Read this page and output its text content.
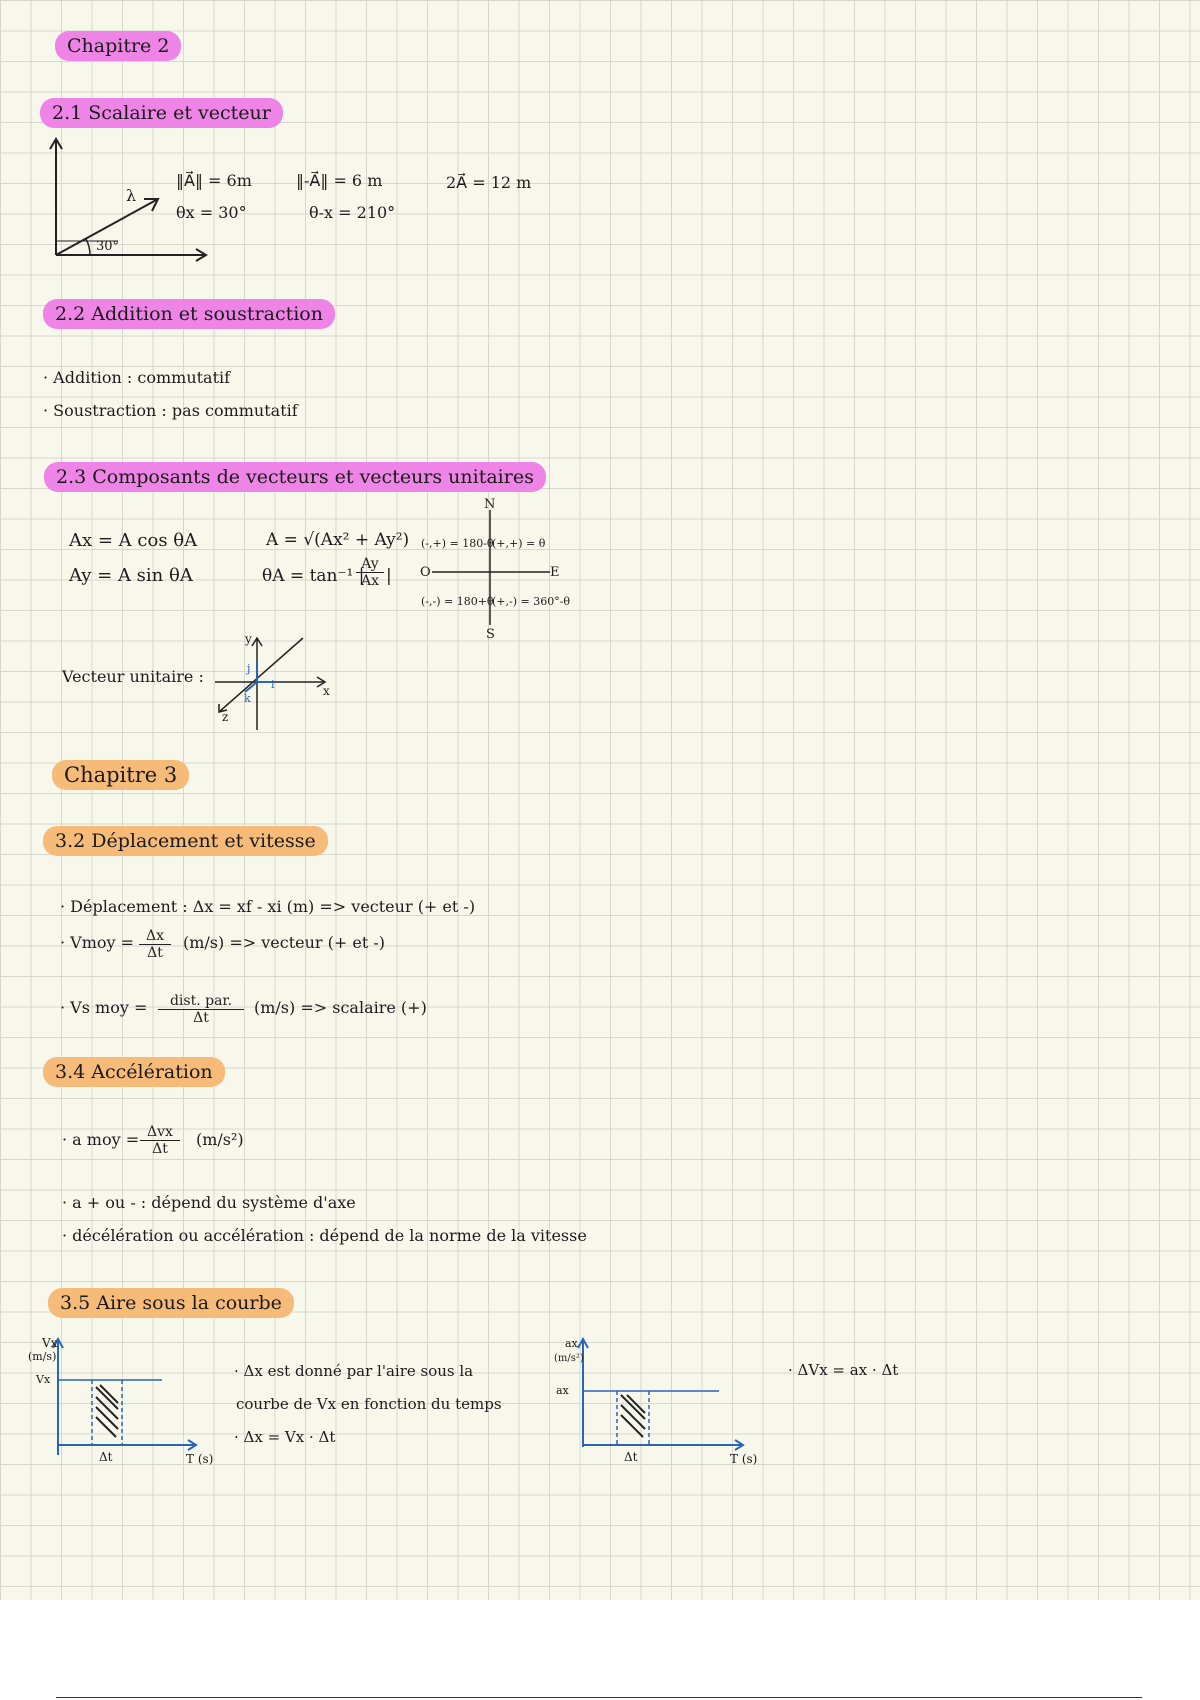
Chapitre 2
2.1 Scalaire et vecteur
λ
30°
‖A⃗‖ = 6m
θx = 30°
‖-A⃗‖ = 6 m
θ-x = 210°
2A⃗ = 12 m
2.2 Addition et soustraction
· Addition : commutatif
· Soustraction : pas commutatif
2.3 Composants de vecteurs et vecteurs unitaires
Ax = A cos θA
Ay = A sin θA
A = √(Ax² + Ay²)
θA = tan⁻¹ |
$\frac{Ay}{Ax}$ |
N
S
E
O
(-,+) = 180-θ
(+,+) = θ
(-,-) = 180+θ
(+,-) = 360°-θ
Vecteur unitaire :
y
x
z
i
j
k
Chapitre 3
3.2 Déplacement et vitesse
· Déplacement : Δx = xf - xi (m) => vecteur (+ et -)
· Vmoy = $\frac{\Delta x}{\Delta t} (m/s)$ => vecteur (+ et -)
· Vs moy =	dist. par.
Δt
(m/s) => scalaire (+)
3.4 Accélération
· a moy = Δvx
Δt	(m/s²)
· a + ou - : dépend du système d'axe
· décélération ou accélération : dépend de la norme de la vitesse
3.5 Aire sous la courbe
Vx
(m/s)
Vx
Δt	T (s)
· Δx est donné par l'aire sous la
courbe de Vx en fonction du temps
· Δx = Vx · Δt
ax
(m/s²)
ax
Δt	T (s)
· ΔVx = ax · Δt
